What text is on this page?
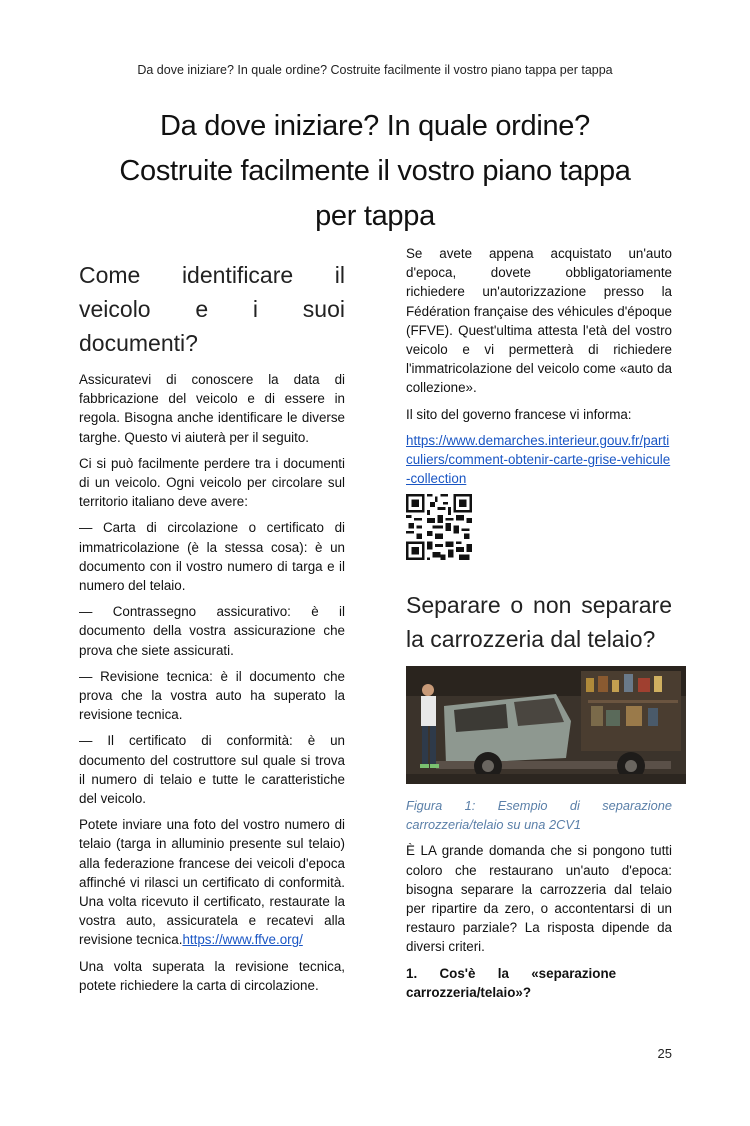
Da dove iniziare? In quale ordine? Costruite facilmente il vostro piano tappa per tappa
Da dove iniziare? In quale ordine?
Costruite facilmente il vostro piano tappa
per tappa
Come identificare il veicolo e i suoi documenti?

Assicuratevi di conoscere la data di fabbricazione del veicolo e di essere in regola. Bisogna anche identificare le diverse targhe. Questo vi aiuterà per il seguito.

Ci si può facilmente perdere tra i documenti di un veicolo. Ogni veicolo per circolare sul territorio italiano deve avere:

— Carta di circolazione o certificato di immatricolazione (è la stessa cosa): è un documento con il vostro numero di targa e il numero del telaio.

— Contrassegno assicurativo: è il documento della vostra assicurazione che prova che siete assicurati.

— Revisione tecnica: è il documento che prova che la vostra auto ha superato la revisione tecnica.

— Il certificato di conformità: è un documento del costruttore sul quale si trova il numero di telaio e tutte le caratteristiche del veicolo.

Potete inviare una foto del vostro numero di telaio (targa in alluminio presente sul telaio) alla federazione francese dei veicoli d'epoca affinché vi rilasci un certificato di conformità. Una volta ricevuto il certificato, restaurate la vostra auto, assicuratela e recatevi alla revisione tecnica.https://www.ffve.org/

Una volta superata la revisione tecnica, potete richiedere la carta di circolazione.

Se avete appena acquistato un'auto d'epoca, dovete obbligatoriamente richiedere un'autorizzazione presso la Fédération française des véhicules d'époque (FFVE). Quest'ultima attesta l'età del vostro veicolo e vi permetterà di richiedere l'immatricolazione del veicolo come «auto da collezione».

Il sito del governo francese vi informa:

https://www.demarches.interieur.gouv.fr/particuliers/comment-obtenir-carte-grise-vehicule-collection

Separare o non separare la carrozzeria dal telaio?

Figura 1: Esempio di separazione carrozzeria/telaio su una 2CV1

È LA grande domanda che si pongono tutti coloro che restaurano un'auto d'epoca: bisogna separare la carrozzeria dal telaio per ripartire da zero, o accontentarsi di un restauro parziale? La risposta dipende da diversi criteri.

1.      Cos'è      la      «separazione carrozzeria/telaio»?

25
